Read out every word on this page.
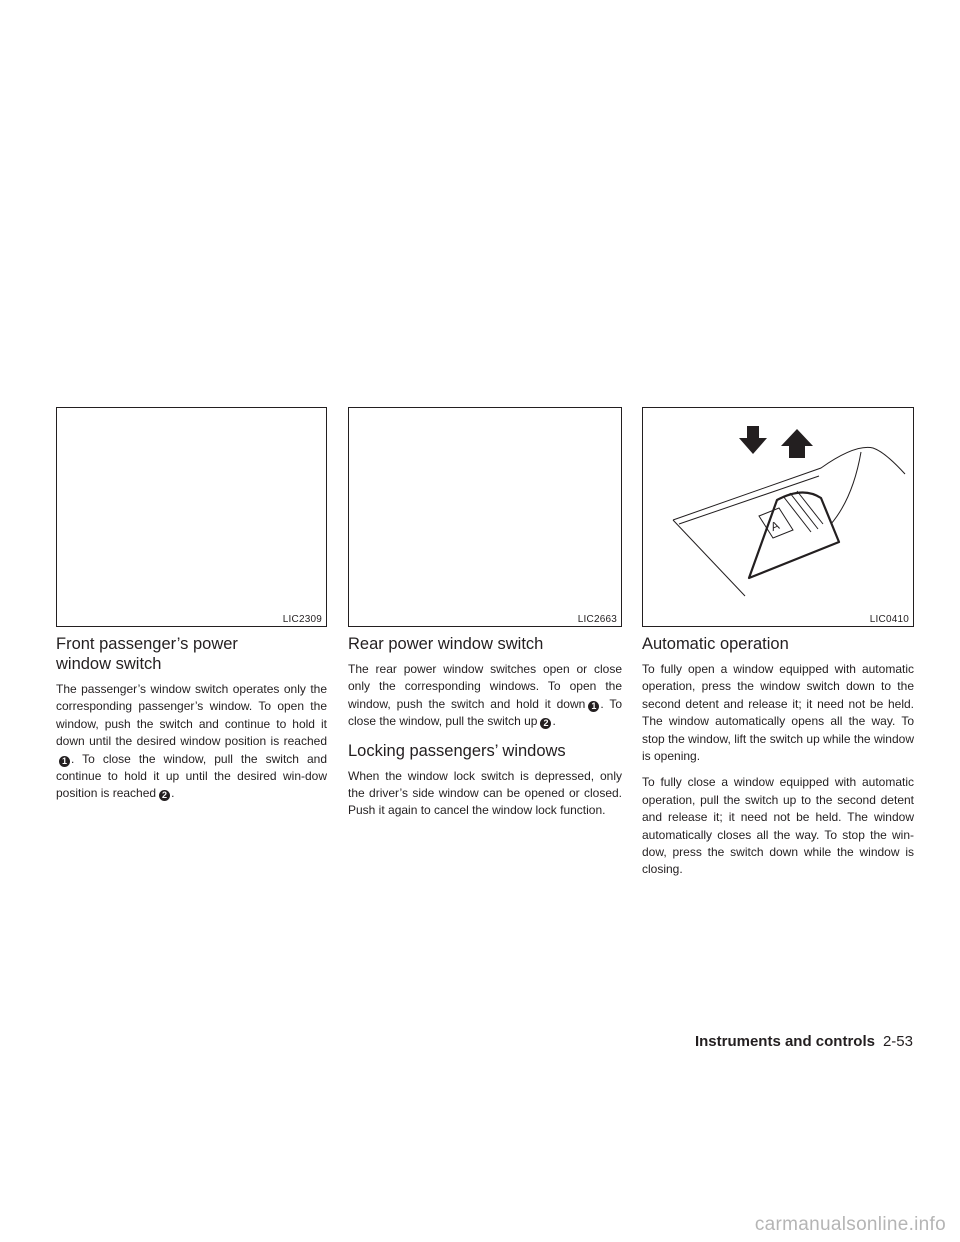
LIC2309	LIC2663
A
LIC0410
Front passenger’s power window switch

The passenger’s window switch operates only the corresponding passenger’s window. To open the window, push the switch and continue to hold it down until the desired window position is reached1 . To close the window, pull the switch and continue to hold it up until the desired win-dow position is reached 2 .

Rear power window switch

The rear power window switches open or close only the corresponding windows. To open the window, push the switch and hold it down 1 . To close the window, pull the switch up 2 .

Locking passengers’ windows

When the window lock switch is depressed, only the driver’s side window can be opened or closed. Push it again to cancel the window lock function.

Automatic operation

To fully open a window equipped with automatic operation, press the window switch down to the second detent and release it; it need not be held. The window automatically opens all the way. To stop the window, lift the switch up while the window is opening.

To fully close a window equipped with automatic operation, pull the switch up to the second detent and release it; it need not be held. The window automatically closes all the way. To stop the win-dow, press the switch down while the window is closing.

Instruments and controls 2-53
carmanualsonline.info
